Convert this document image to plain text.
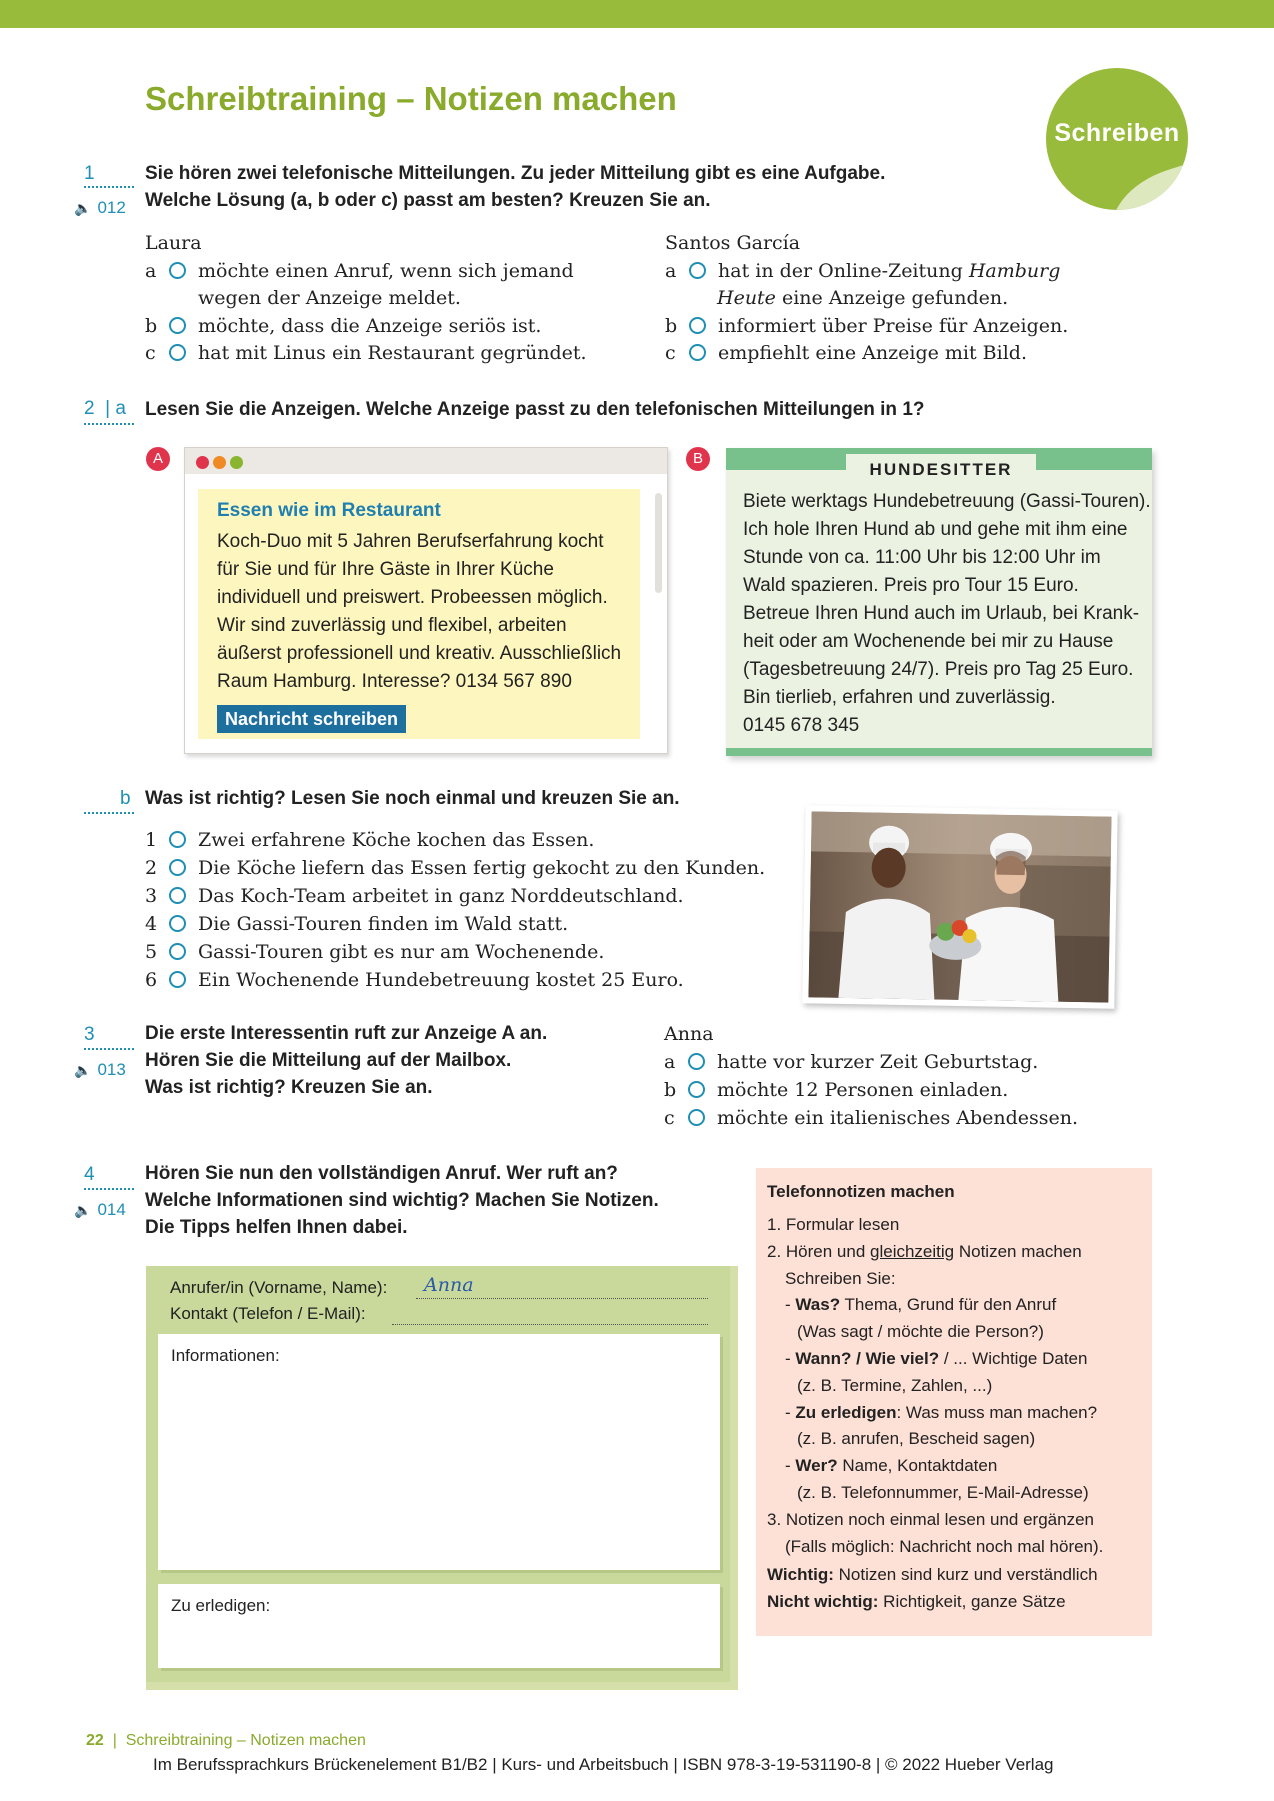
Schreibtraining – Notizen machen
Schreiben
1
🔈 012
Sie hören zwei telefonische Mitteilungen. Zu jeder Mitteilung gibt es eine Aufgabe.
Welche Lösung (a, b oder c) passt am besten? Kreuzen Sie an.
Laura
a möchte einen Anruf, wenn sich jemand
wegen der Anzeige meldet.
b möchte, dass die Anzeige seriös ist.
c hat mit Linus ein Restaurant gegründet.
Santos García
a hat in der Online-Zeitung Hamburg
Heute eine Anzeige gefunden.
b informiert über Preise für Anzeigen.
c empfiehlt eine Anzeige mit Bild.
2  | a Lesen Sie die Anzeigen. Welche Anzeige passt zu den telefonischen Mitteilungen in 1?
A
Essen wie im Restaurant
Koch-Duo mit 5 Jahren Berufserfahrung kocht
für Sie und für Ihre Gäste in Ihrer Küche
individuell und preiswert. Probeessen möglich.
Wir sind zuverlässig und flexibel, arbeiten
äußerst professionell und kreativ. Ausschließlich
Raum Hamburg. Interesse? 0134 567 890
Nachricht schreiben
B
HUNDESITTER
Biete werktags Hundebetreuung (Gassi-Touren).
Ich hole Ihren Hund ab und gehe mit ihm eine
Stunde von ca. 11:00 Uhr bis 12:00 Uhr im
Wald spazieren. Preis pro Tour 15 Euro.
Betreue Ihren Hund auch im Urlaub, bei Krank-
heit oder am Wochenende bei mir zu Hause
(Tagesbetreuung 24/7). Preis pro Tag 25 Euro.
Bin tierlieb, erfahren und zuverlässig.
0145 678 345
b Was ist richtig? Lesen Sie noch einmal und kreuzen Sie an.
1 Zwei erfahrene Köche kochen das Essen.
2 Die Köche liefern das Essen fertig gekocht zu den Kunden.
3 Das Koch-Team arbeitet in ganz Norddeutschland.
4 Die Gassi-Touren finden im Wald statt.
5 Gassi-Touren gibt es nur am Wochenende.
6 Ein Wochenende Hundebetreuung kostet 25 Euro.
3
🔈 013
Die erste Interessentin ruft zur Anzeige A an.
Hören Sie die Mitteilung auf der Mailbox.
Was ist richtig? Kreuzen Sie an.
Anna
a hatte vor kurzer Zeit Geburtstag.
b möchte 12 Personen einladen.
c möchte ein italienisches Abendessen.
4
🔈 014
Hören Sie nun den vollständigen Anruf. Wer ruft an?
Welche Informationen sind wichtig? Machen Sie Notizen.
Die Tipps helfen Ihnen dabei.
Anrufer/in (Vorname, Name): Anna
Kontakt (Telefon / E-Mail):
Informationen:
Zu erledigen:
Telefonnotizen machen
1. Formular lesen
2. Hören und gleichzeitig Notizen machen
Schreiben Sie:
- Was? Thema, Grund für den Anruf
(Was sagt / möchte die Person?)
- Wann? / Wie viel? / ... Wichtige Daten
(z. B. Termine, Zahlen, ...)
- Zu erledigen: Was muss man machen?
(z. B. anrufen, Bescheid sagen)
- Wer? Name, Kontaktdaten
(z. B. Telefonnummer, E-Mail-Adresse)
3. Notizen noch einmal lesen und ergänzen
(Falls möglich: Nachricht noch mal hören).
Wichtig: Notizen sind kurz und verständlich
Nicht wichtig: Richtigkeit, ganze Sätze
22  |  Schreibtraining – Notizen machen
Im Berufssprachkurs Brückenelement B1/B2 | Kurs- und Arbeitsbuch | ISBN 978-3-19-531190-8 | © 2022 Hueber Verlag
